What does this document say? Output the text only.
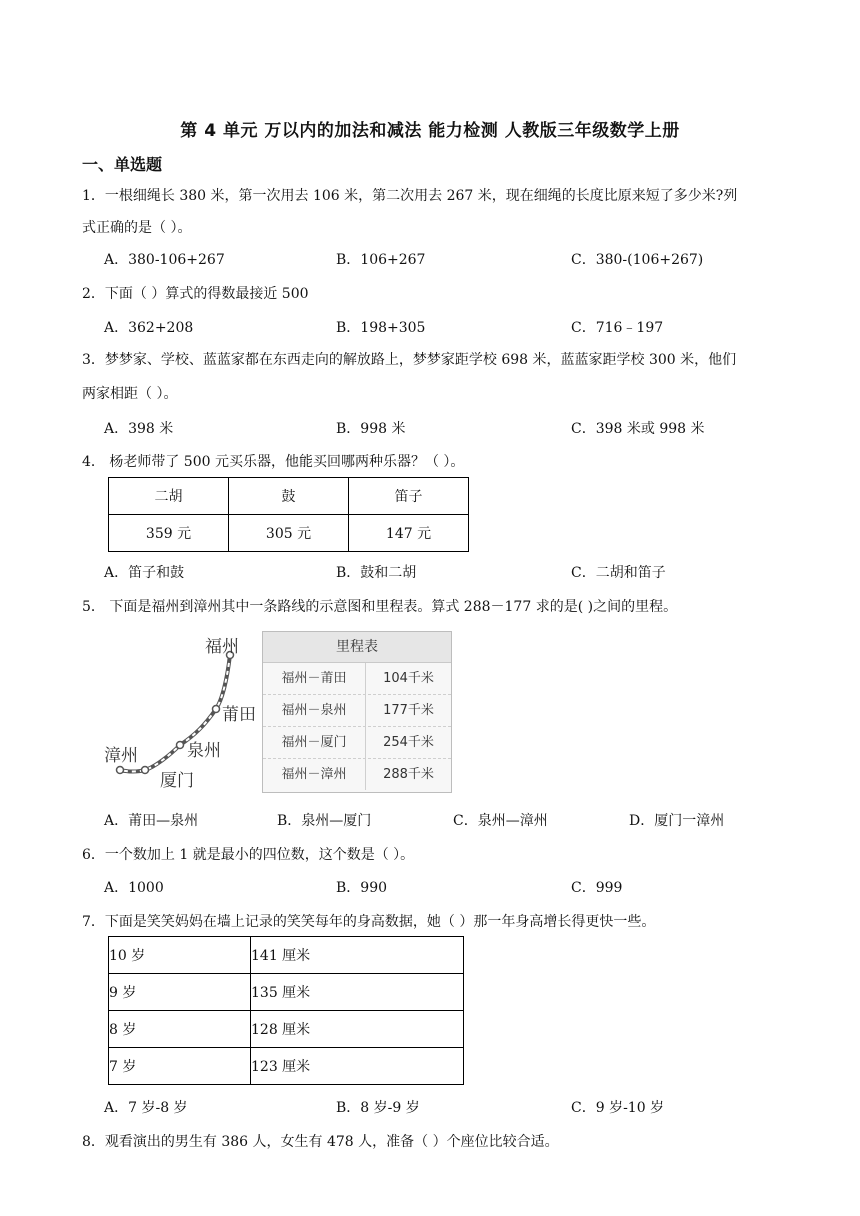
第 4 单元 万以内的加法和减法 能力检测 人教版三年级数学上册
一、单选题
1．一根细绳长 380 米，第一次用去 106 米，第二次用去 267 米，现在细绳的长度比原来短了多少米?列
式正确的是（ ）。
A．380-106+267	B．106+267	C．380-(106+267)
2．下面（ ）算式的得数最接近 500
A．362+208	B．198+305	C．716﹣197
3．梦梦家、学校、蓝蓝家都在东西走向的解放路上，梦梦家距学校 698 米，蓝蓝家距学校 300 米，他们
两家相距（ ）。
A．398 米	B．998 米	C．398 米或 998 米
4． 杨老师带了 500 元买乐器，他能买回哪两种乐器？（ ）。
二胡	鼓	笛子
359 元	305 元	147 元
A．笛子和鼓	B．鼓和二胡	C．二胡和笛子
5． 下面是福州到漳州其中一条路线的示意图和里程表。算式 288－177 求的是( )之间的里程。
福州
莆田
泉州
漳州
厦门
里程表
福州－莆田	104千米
福州－泉州	177千米
福州－厦门	254千米
福州－漳州	288千米
A．莆田—泉州	B．泉州—厦门	C．泉州—漳州	D．厦门一漳州
6．一个数加上 1 就是最小的四位数，这个数是（ ）。
A．1000	B．990	C．999
7．下面是笑笑妈妈在墙上记录的笑笑每年的身高数据，她（ ）那一年身高增长得更快一些。
10 岁	141 厘米
9 岁	135 厘米
8 岁	128 厘米
7 岁	123 厘米
A．7 岁-8 岁	B．8 岁-9 岁	C．9 岁-10 岁
8．观看演出的男生有 386 人，女生有 478 人，准备（ ）个座位比较合适。
